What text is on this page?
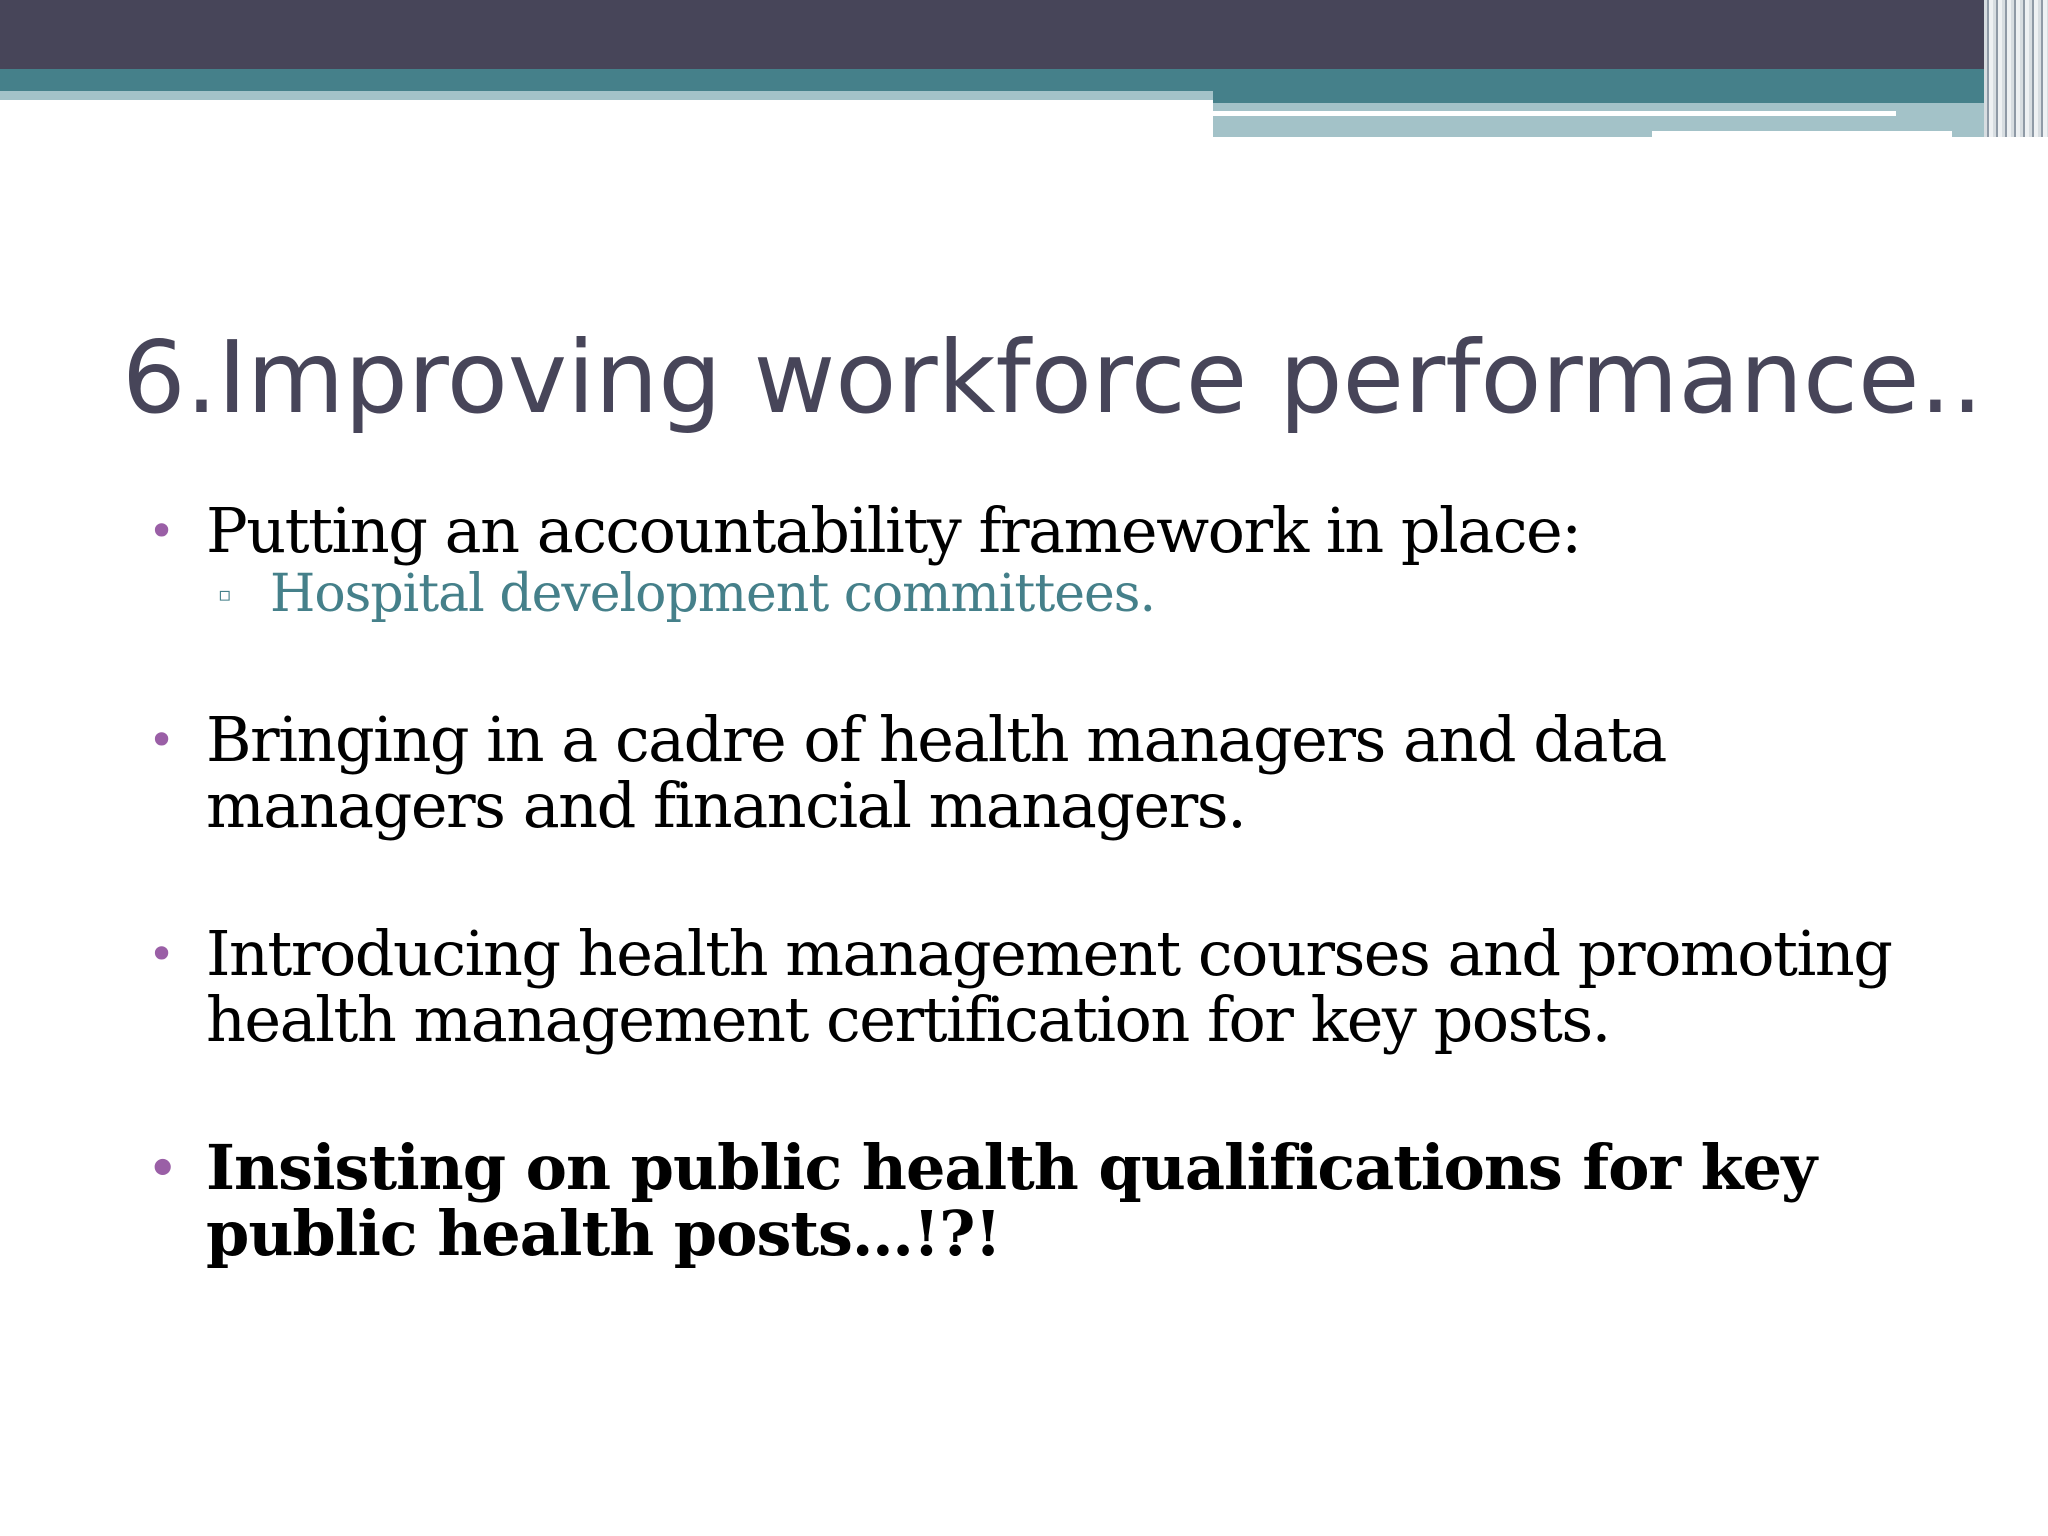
6.Improving workforce performance..
• Putting an accountability framework in place:
▫ Hospital development committees.
• Bringing in a cadre of health managers and data managers and financial managers.
• Introducing health management courses and promoting health management certification for key posts.
• Insisting on public health qualifications for key public health posts…!?!
